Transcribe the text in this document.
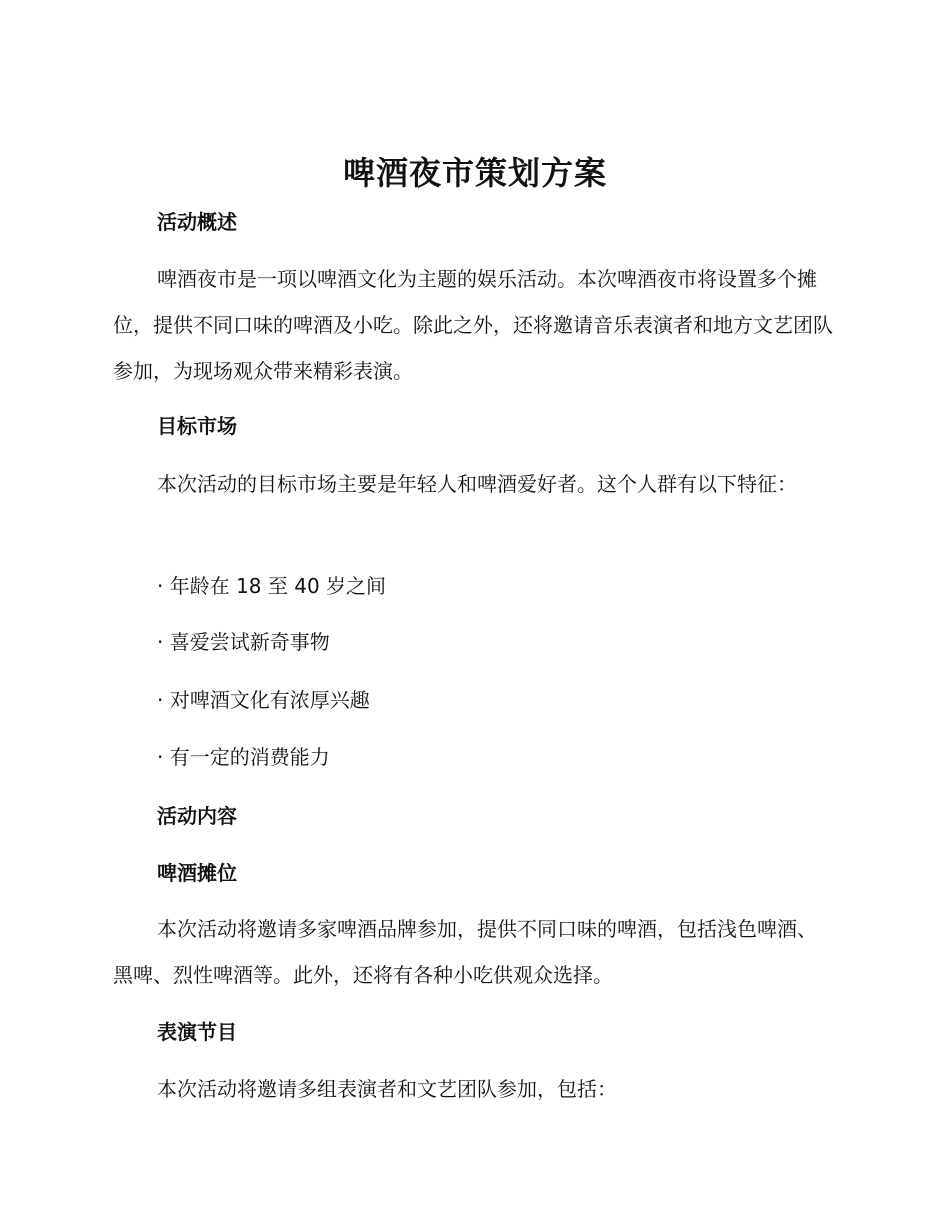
啤酒夜市策划方案
活动概述

啤酒夜市是一项以啤酒文化为主题的娱乐活动。本次啤酒夜市将设置多个摊位，提供不同口味的啤酒及小吃。除此之外，还将邀请音乐表演者和地方文艺团队参加，为现场观众带来精彩表演。

目标市场

本次活动的目标市场主要是年轻人和啤酒爱好者。这个人群有以下特征：

· 年龄在 18 至 40 岁之间
· 喜爱尝试新奇事物
· 对啤酒文化有浓厚兴趣
· 有一定的消费能力
活动内容
啤酒摊位

本次活动将邀请多家啤酒品牌参加，提供不同口味的啤酒，包括浅色啤酒、黑啤、烈性啤酒等。此外，还将有各种小吃供观众选择。

表演节目

本次活动将邀请多组表演者和文艺团队参加，包括：
